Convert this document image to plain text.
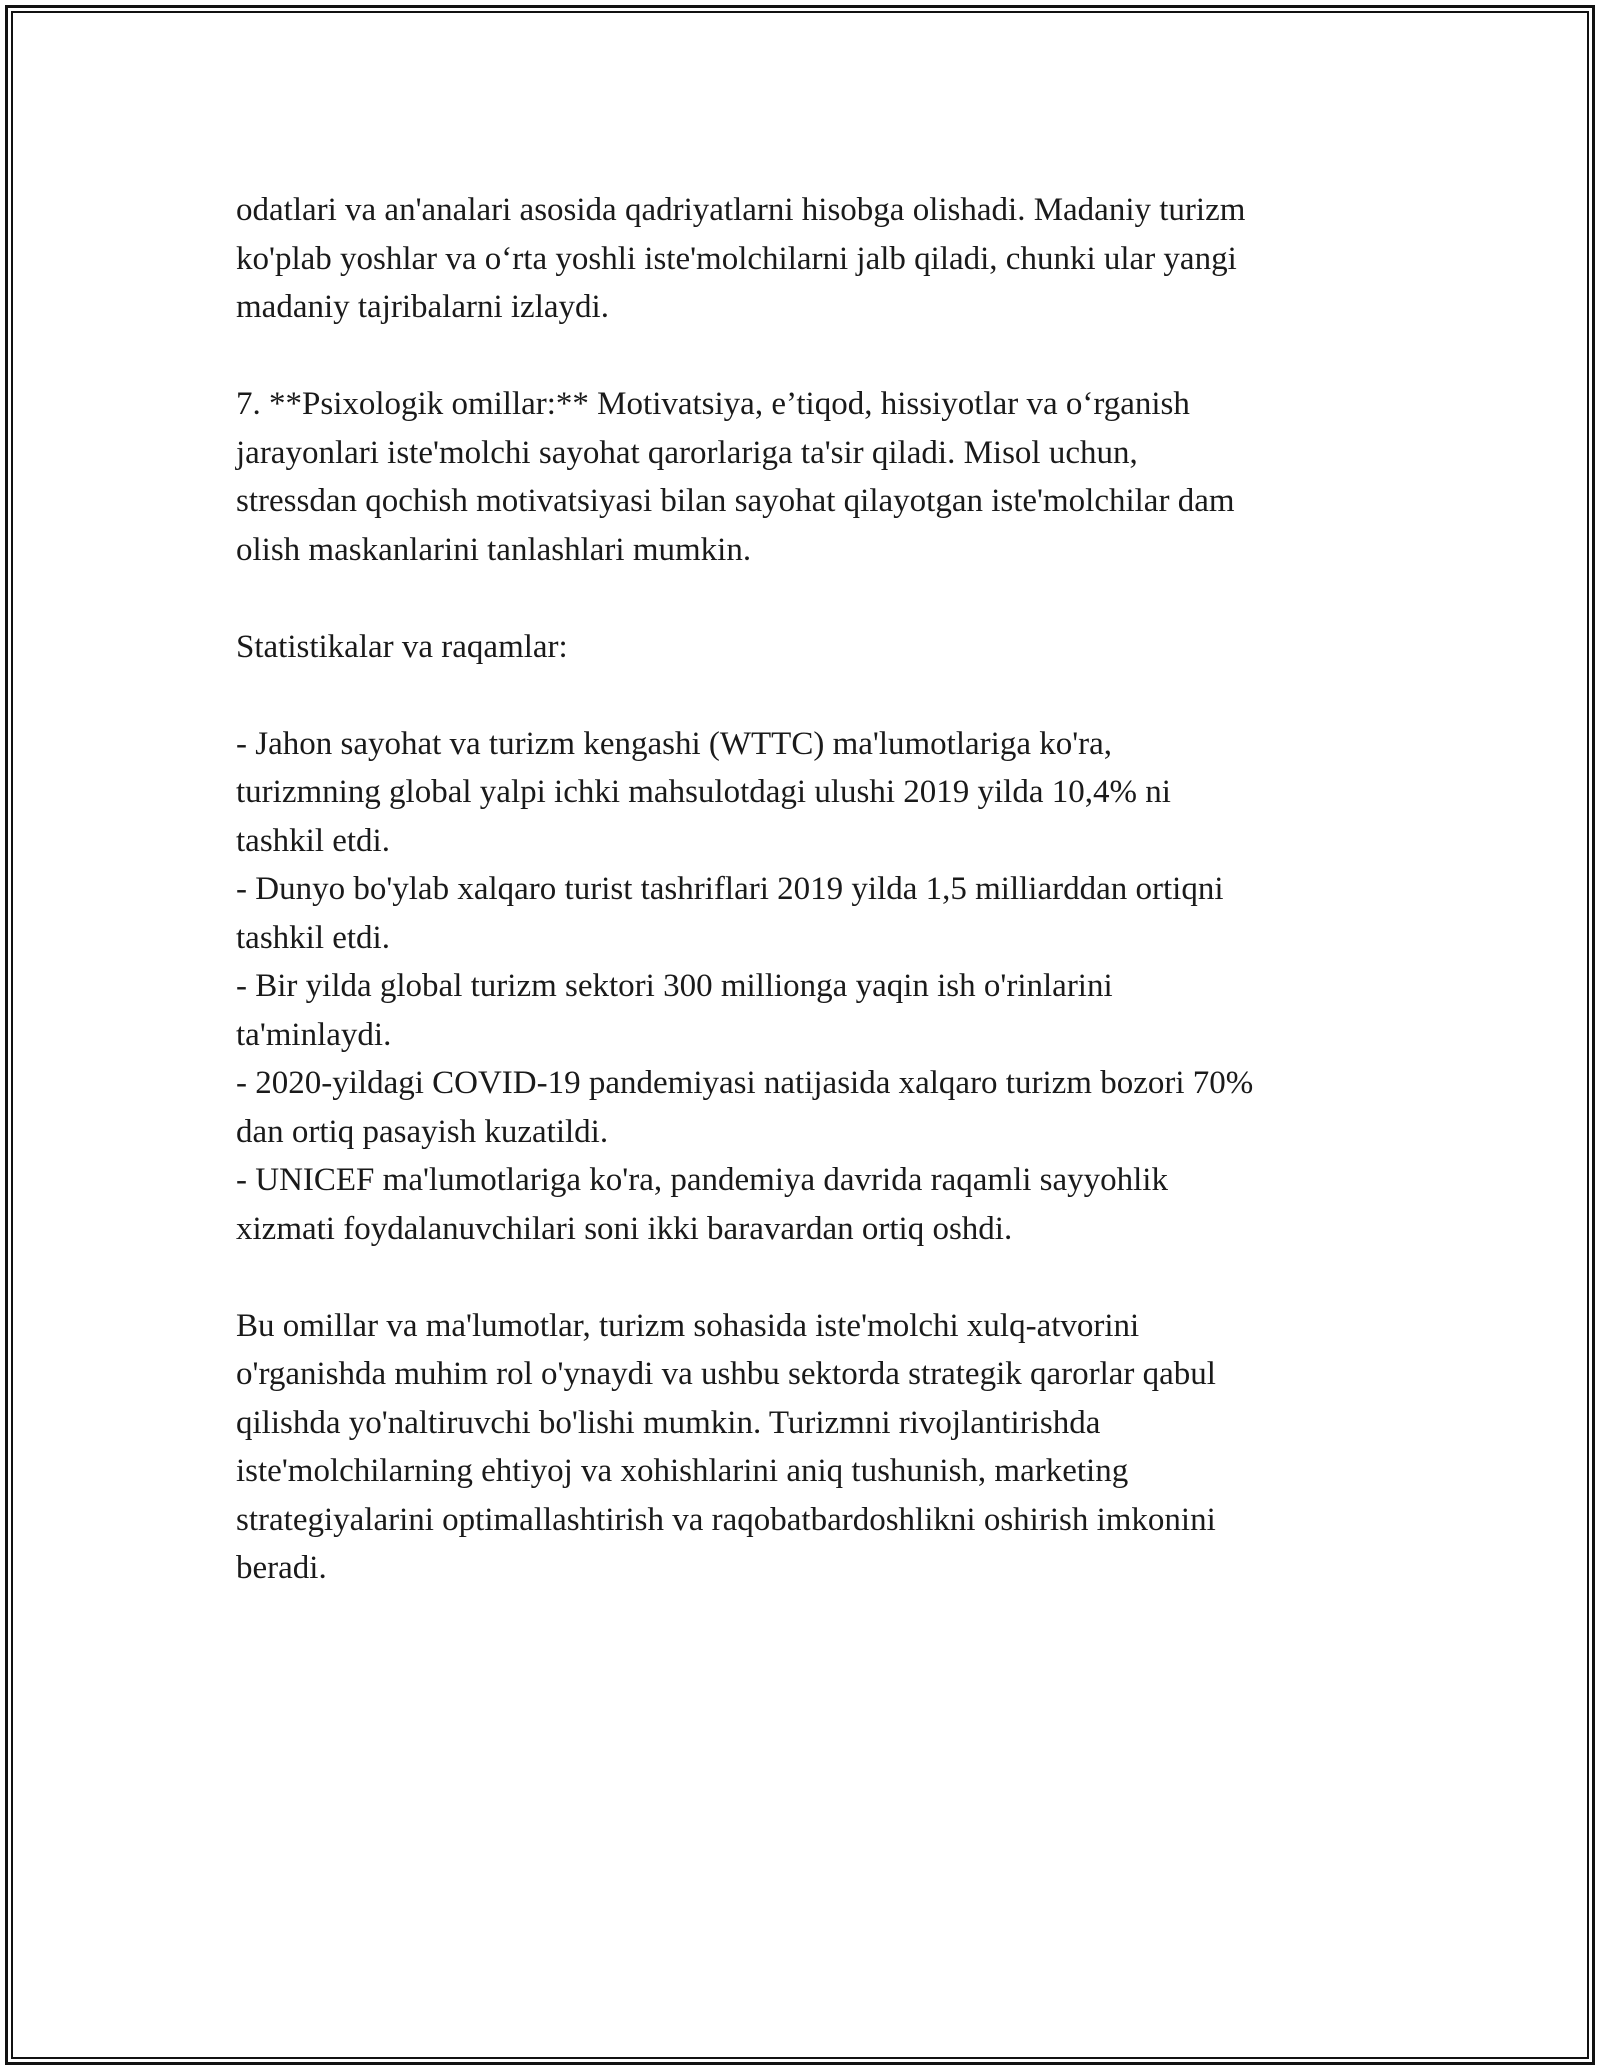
odatlari va an'analari asosida qadriyatlarni hisobga olishadi. Madaniy turizm
ko'plab yoshlar va o‘rta yoshli iste'molchilarni jalb qiladi, chunki ular yangi
madaniy tajribalarni izlaydi.
7. **Psixologik omillar:** Motivatsiya, e’tiqod, hissiyotlar va o‘rganish
jarayonlari iste'molchi sayohat qarorlariga ta'sir qiladi. Misol uchun,
stressdan qochish motivatsiyasi bilan sayohat qilayotgan iste'molchilar dam
olish maskanlarini tanlashlari mumkin.
Statistikalar va raqamlar:
- Jahon sayohat va turizm kengashi (WTTC) ma'lumotlariga ko'ra,
turizmning global yalpi ichki mahsulotdagi ulushi 2019 yilda 10,4% ni
tashkil etdi.
- Dunyo bo'ylab xalqaro turist tashriflari 2019 yilda 1,5 milliarddan ortiqni
tashkil etdi.
- Bir yilda global turizm sektori 300 millionga yaqin ish o'rinlarini
ta'minlaydi.
- 2020-yildagi COVID-19 pandemiyasi natijasida xalqaro turizm bozori 70%
dan ortiq pasayish kuzatildi.
- UNICEF ma'lumotlariga ko'ra, pandemiya davrida raqamli sayyohlik
xizmati foydalanuvchilari soni ikki baravardan ortiq oshdi.
Bu omillar va ma'lumotlar, turizm sohasida iste'molchi xulq-atvorini
o'rganishda muhim rol o'ynaydi va ushbu sektorda strategik qarorlar qabul
qilishda yo'naltiruvchi bo'lishi mumkin. Turizmni rivojlantirishda
iste'molchilarning ehtiyoj va xohishlarini aniq tushunish, marketing
strategiyalarini optimallashtirish va raqobatbardoshlikni oshirish imkonini
beradi.
